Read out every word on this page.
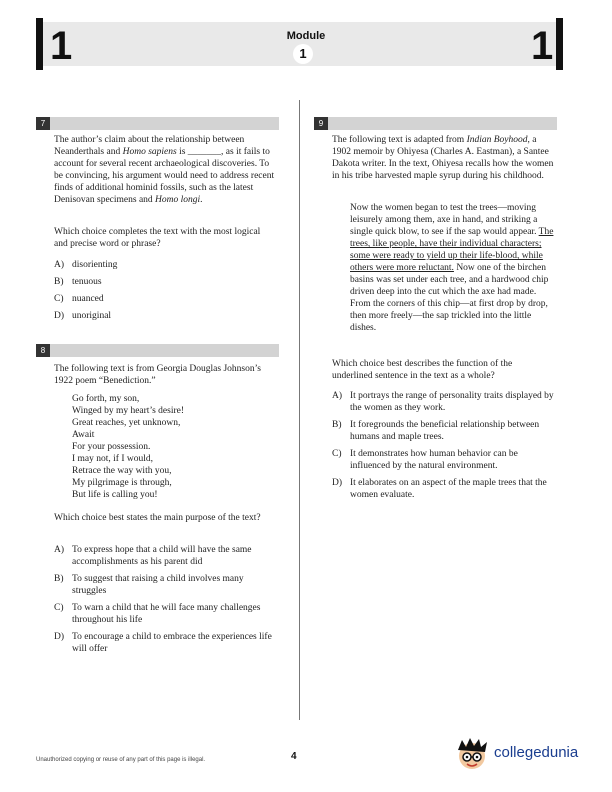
1	Module
1	1
7

The author’s claim about the relationship between Neanderthals and Homo sapiens is _______, as it fails to account for several recent archaeological discoveries. To be convincing, his argument would need to address recent finds of additional hominid fossils, such as the latest Denisovan specimens and Homo longi.

Which choice completes the text with the most logical and precise word or phrase?
A) disorienting
B) tenuous
C) nuanced
D) unoriginal
8
The following text is from Georgia Douglas Johnson’s 1922 poem “Benediction.”
Go forth, my son,
Winged by my heart’s desire!
Great reaches, yet unknown,
Await
For your possession.
I may not, if I would,
Retrace the way with you,
My pilgrimage is through,
But life is calling you!
Which choice best states the main purpose of the text?
A) To express hope that a child will have the same accomplishments as his parent did
B) To suggest that raising a child involves many struggles
C) To warn a child that he will face many challenges throughout his life
D) To encourage a child to embrace the experiences life will offer
9

The following text is adapted from Indian Boyhood, a 1902 memoir by Ohiyesa (Charles A. Eastman), a Santee Dakota writer. In the text, Ohiyesa recalls how the women in his tribe harvested maple syrup during his childhood.

Now the women began to test the trees—moving leisurely among them, axe in hand, and striking a single quick blow, to see if the sap would appear. The trees, like people, have their individual characters; some were ready to yield up their life-blood, while others were more reluctant. Now one of the birchen basins was set under each tree, and a hardwood chip driven deep into the cut which the axe had made. From the corners of this chip—at first drop by drop, then more freely—the sap trickled into the little dishes.

Which choice best describes the function of the underlined sentence in the text as a whole?
A) It portrays the range of personality traits displayed by the women as they work.
B) It foregrounds the beneficial relationship between humans and maple trees.
C) It demonstrates how human behavior can be influenced by the natural environment.
D) It elaborates on an aspect of the maple trees that the women evaluate.
Unauthorized copying or reuse of any part of this page is illegal.	4	collegedunia
